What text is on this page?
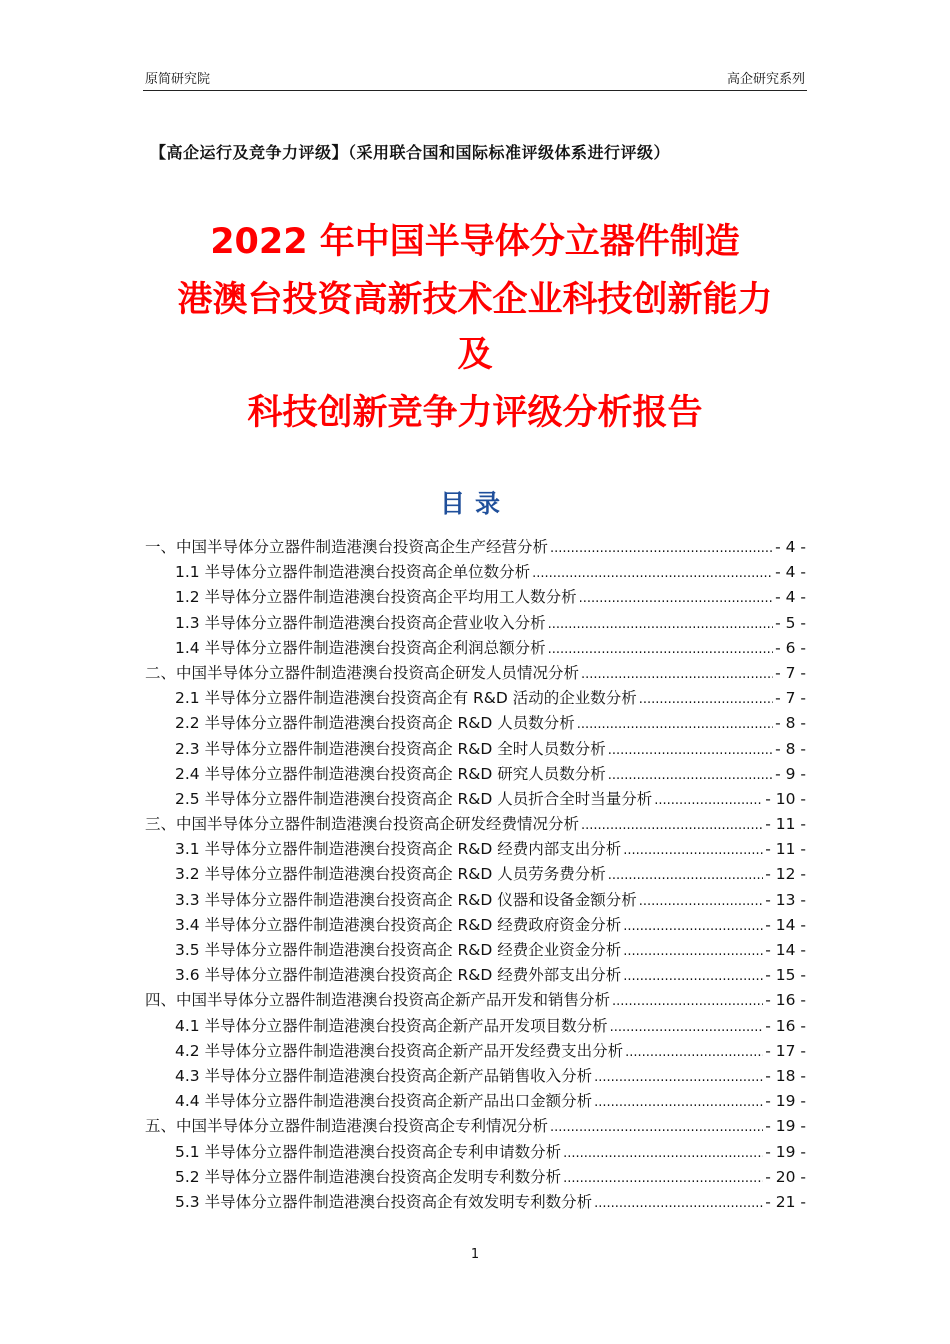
原简研究院	高企研究系列
【高企运行及竞争力评级】（采用联合国和国际标准评级体系进行评级）
2022 年中国半导体分立器件制造
港澳台投资高新技术企业科技创新能力
及
科技创新竞争力评级分析报告
目录
一、中国半导体分立器件制造港澳台投资高企生产经营分析 .....	- 4 -
1.1 半导体分立器件制造港澳台投资高企单位数分析 .....	- 4 -
1.2 半导体分立器件制造港澳台投资高企平均用工人数分析 .....	- 4 -
1.3 半导体分立器件制造港澳台投资高企营业收入分析 .....	- 5 -
1.4 半导体分立器件制造港澳台投资高企利润总额分析 .....	- 6 -
二、中国半导体分立器件制造港澳台投资高企研发人员情况分析 .....	- 7 -
2.1 半导体分立器件制造港澳台投资高企有 R&D 活动的企业数分析 .....	- 7 -
2.2 半导体分立器件制造港澳台投资高企 R&D 人员数分析 .....	- 8 -
2.3 半导体分立器件制造港澳台投资高企 R&D 全时人员数分析 .....	- 8 -
2.4 半导体分立器件制造港澳台投资高企 R&D 研究人员数分析 .....	- 9 -
2.5 半导体分立器件制造港澳台投资高企 R&D 人员折合全时当量分析 .....	- 10 -
三、中国半导体分立器件制造港澳台投资高企研发经费情况分析 .....	- 11 -
3.1 半导体分立器件制造港澳台投资高企 R&D 经费内部支出分析 .....	- 11 -
3.2 半导体分立器件制造港澳台投资高企 R&D 人员劳务费分析 .....	- 12 -
3.3 半导体分立器件制造港澳台投资高企 R&D 仪器和设备金额分析 .....	- 13 -
3.4 半导体分立器件制造港澳台投资高企 R&D 经费政府资金分析 .....	- 14 -
3.5 半导体分立器件制造港澳台投资高企 R&D 经费企业资金分析 .....	- 14 -
3.6 半导体分立器件制造港澳台投资高企 R&D 经费外部支出分析 .....	- 15 -
四、中国半导体分立器件制造港澳台投资高企新产品开发和销售分析 .....	- 16 -
4.1 半导体分立器件制造港澳台投资高企新产品开发项目数分析 .....	- 16 -
4.2 半导体分立器件制造港澳台投资高企新产品开发经费支出分析 .....	- 17 -
4.3 半导体分立器件制造港澳台投资高企新产品销售收入分析 .....	- 18 -
4.4 半导体分立器件制造港澳台投资高企新产品出口金额分析 .....	- 19 -
五、中国半导体分立器件制造港澳台投资高企专利情况分析 .....	- 19 -
5.1 半导体分立器件制造港澳台投资高企专利申请数分析 .....	- 19 -
5.2 半导体分立器件制造港澳台投资高企发明专利数分析 .....	- 20 -
5.3 半导体分立器件制造港澳台投资高企有效发明专利数分析 .....	- 21 -
1
